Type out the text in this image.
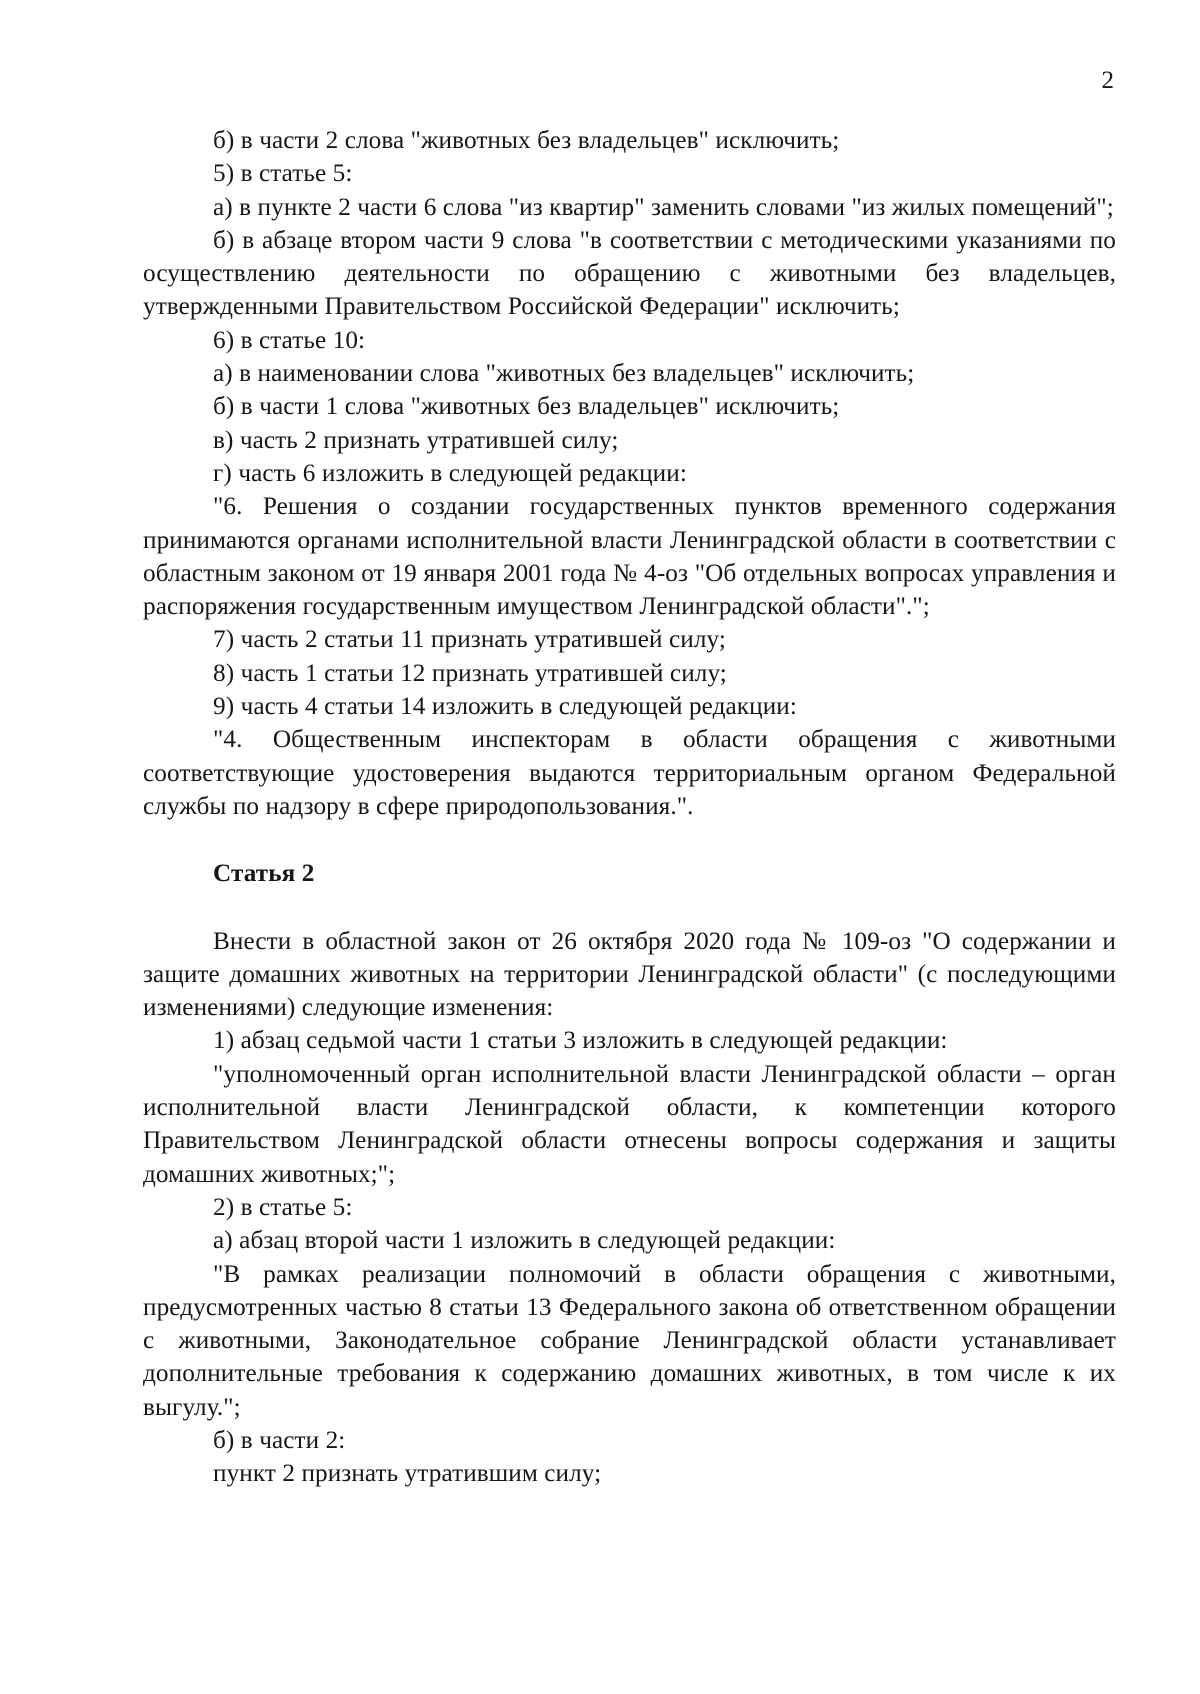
2

б) в части 2 слова "животных без владельцев" исключить;

5) в статье 5:

а) в пункте 2 части 6 слова "из квартир" заменить словами "из жилых помещений";

б) в абзаце втором части 9 слова "в соответствии с методическими указаниями по осуществлению деятельности по обращению с животными без владельцев, утвержденными Правительством Российской Федерации" исключить;

6) в статье 10:

а) в наименовании слова "животных без владельцев" исключить;

б) в части 1 слова "животных без владельцев" исключить;

в) часть 2 признать утратившей силу;

г) часть 6 изложить в следующей редакции:

"6. Решения о создании государственных пунктов временного содержания принимаются органами исполнительной власти Ленинградской области в соответствии с областным законом от 19 января 2001 года № 4-оз "Об отдельных вопросах управления и распоряжения государственным имуществом Ленинградской области".";

7) часть 2 статьи 11 признать утратившей силу;

8) часть 1 статьи 12 признать утратившей силу;

9) часть 4 статьи 14 изложить в следующей редакции:

"4. Общественным инспекторам в области обращения с животными соответствующие удостоверения выдаются территориальным органом Федеральной службы по надзору в сфере природопользования.".

Статья 2

Внести в областной закон от 26 октября 2020 года № 109-оз "О содержании и защите домашних животных на территории Ленинградской области" (с последующими изменениями) следующие изменения:

1) абзац седьмой части 1 статьи 3 изложить в следующей редакции:

"уполномоченный орган исполнительной власти Ленинградской области – орган исполнительной власти Ленинградской области, к компетенции которого Правительством Ленинградской области отнесены вопросы содержания и защиты домашних животных;";

2) в статье 5:

а) абзац второй части 1 изложить в следующей редакции:

"В рамках реализации полномочий в области обращения с животными, предусмотренных частью 8 статьи 13 Федерального закона об ответственном обращении с животными, Законодательное собрание Ленинградской области устанавливает дополнительные требования к содержанию домашних животных, в том числе к их выгулу.";

б) в части 2:

пункт 2 признать утратившим силу;
